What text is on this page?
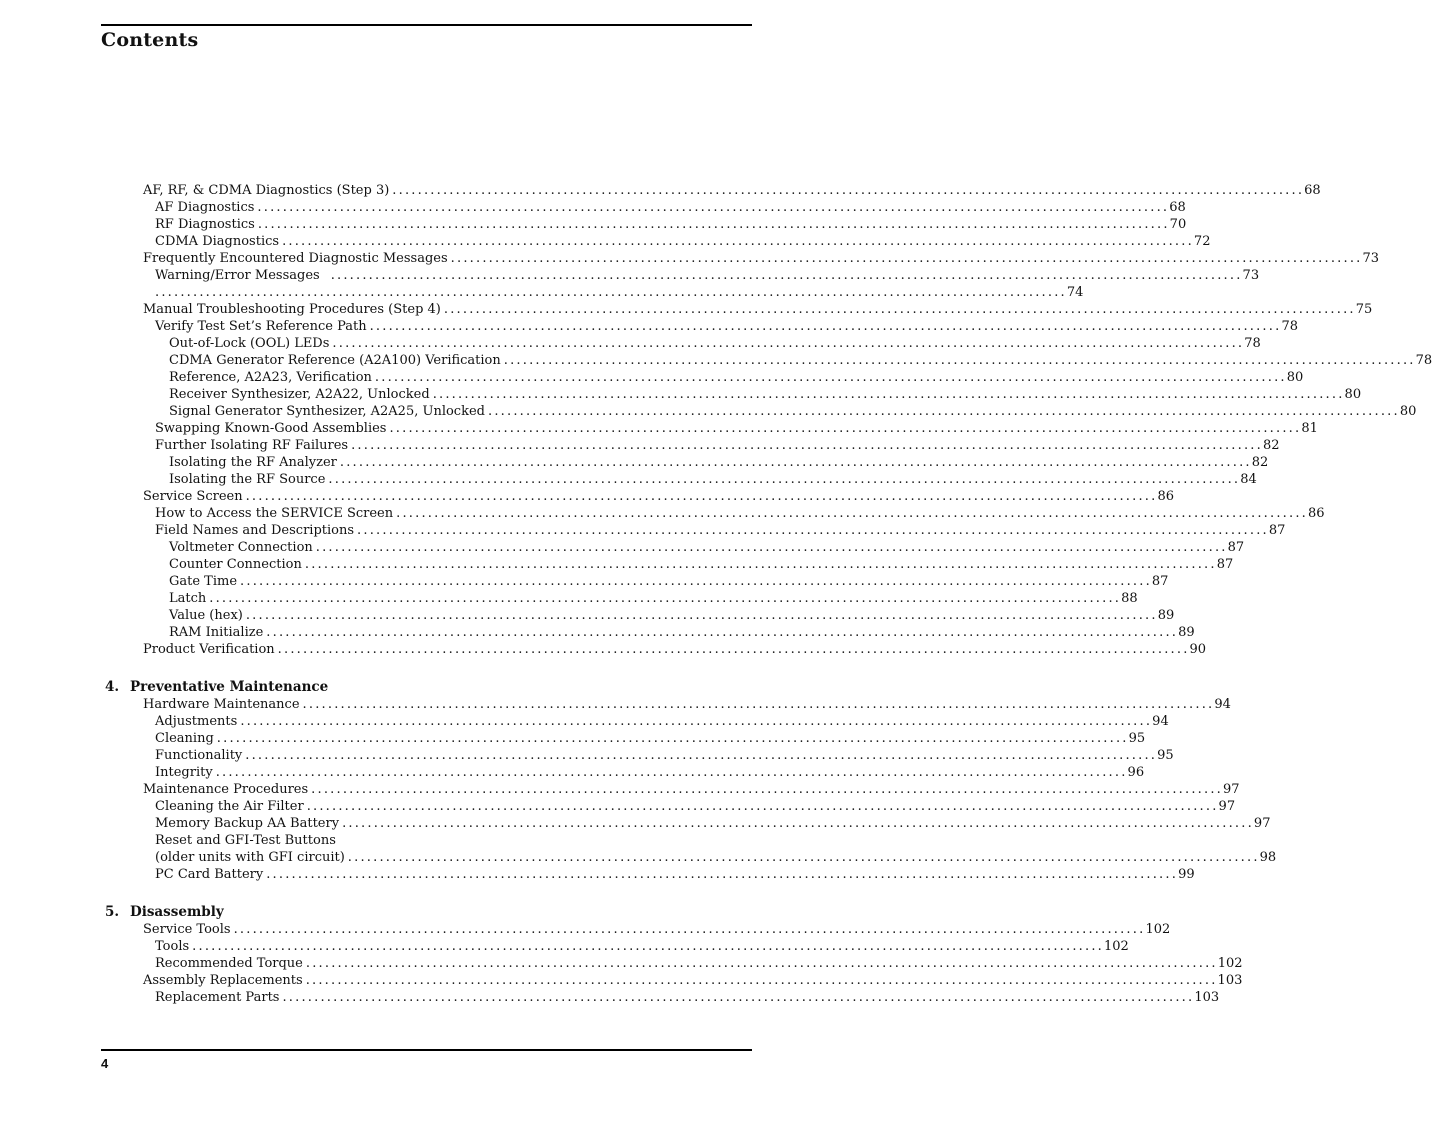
Contents
AF, RF, & CDMA Diagnostics (Step 3) ................................................................................................................................................ 68
AF Diagnostics ................................................................................................................................................ 68
RF Diagnostics ................................................................................................................................................ 70
CDMA Diagnostics ................................................................................................................................................ 72
Frequently Encountered Diagnostic Messages ................................................................................................................................................ 73
Warning/Error Messages ................................................................................................................................................ 73
................................................................................................................................................ 74
Manual Troubleshooting Procedures (Step 4) ................................................................................................................................................ 75
Verify Test Set’s Reference Path ................................................................................................................................................ 78
Out-of-Lock (OOL) LEDs ................................................................................................................................................ 78
CDMA Generator Reference (A2A100) Verification ................................................................................................................................................ 78
Reference, A2A23, Verification ................................................................................................................................................ 80
Receiver Synthesizer, A2A22, Unlocked ................................................................................................................................................ 80
Signal Generator Synthesizer, A2A25, Unlocked ................................................................................................................................................ 80
Swapping Known-Good Assemblies ................................................................................................................................................ 81
Further Isolating RF Failures ................................................................................................................................................ 82
Isolating the RF Analyzer ................................................................................................................................................ 82
Isolating the RF Source ................................................................................................................................................ 84
Service Screen ................................................................................................................................................ 86
How to Access the SERVICE Screen ................................................................................................................................................ 86
Field Names and Descriptions ................................................................................................................................................ 87
Voltmeter Connection ................................................................................................................................................ 87
Counter Connection ................................................................................................................................................ 87
Gate Time ................................................................................................................................................ 87
Latch ................................................................................................................................................ 88
Value (hex) ................................................................................................................................................ 89
RAM Initialize ................................................................................................................................................ 89
Product Verification ................................................................................................................................................ 90
4. Preventative Maintenance
Hardware Maintenance ................................................................................................................................................ 94
Adjustments ................................................................................................................................................ 94
Cleaning ................................................................................................................................................ 95
Functionality ................................................................................................................................................ 95
Integrity ................................................................................................................................................ 96
Maintenance Procedures ................................................................................................................................................ 97
Cleaning the Air Filter ................................................................................................................................................ 97
Memory Backup AA Battery ................................................................................................................................................ 97
Reset and GFI-Test Buttons
(older units with GFI circuit) ................................................................................................................................................ 98
PC Card Battery ................................................................................................................................................ 99
5. Disassembly
Service Tools ................................................................................................................................................ 102
Tools ................................................................................................................................................ 102
Recommended Torque ................................................................................................................................................ 102
Assembly Replacements ................................................................................................................................................ 103
Replacement Parts ................................................................................................................................................ 103
4
